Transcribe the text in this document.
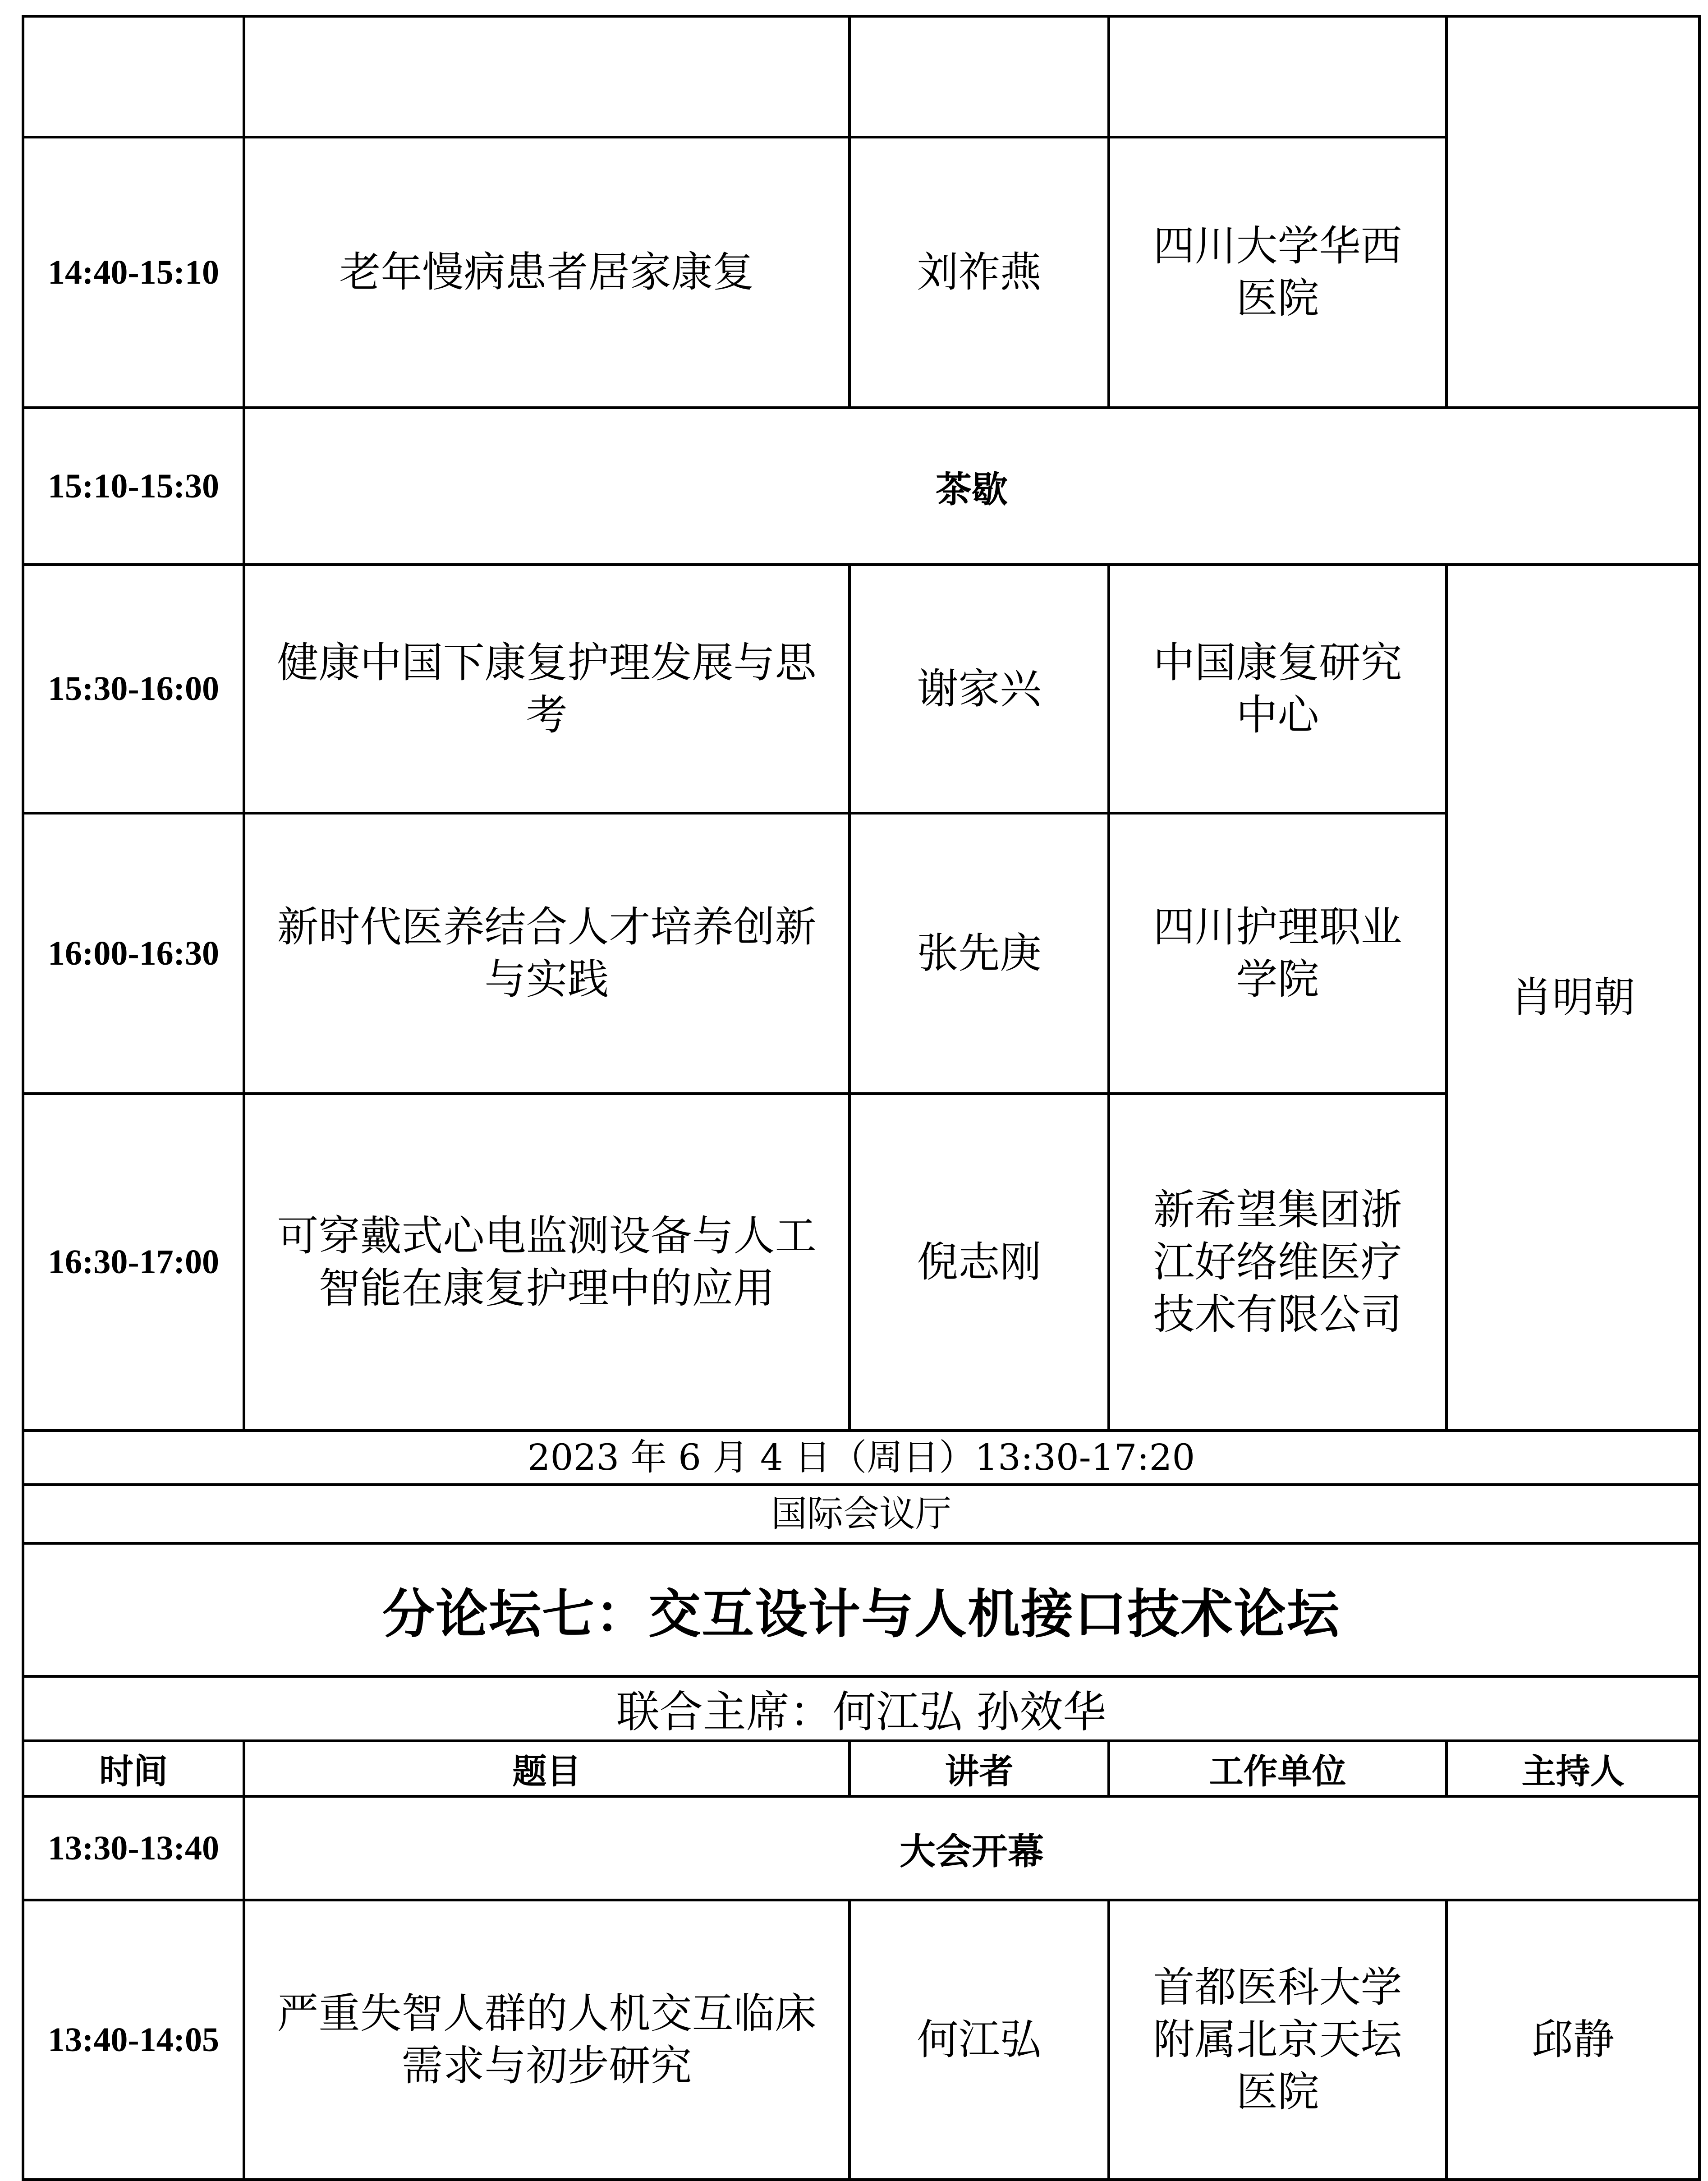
14:40-15:10	老年慢病患者居家康复	刘祚燕	四川大学华西医院	
15:10-15:30	茶歇			
15:30-16:00	健康中国下康复护理发展与思考	谢家兴	中国康复研究中心	肖明朝
16:00-16:30	新时代医养结合人才培养创新与实践	张先庚	四川护理职业学院	
16:30-17:00	可穿戴式心电监测设备与人工智能在康复护理中的应用	倪志刚	新希望集团浙江好络维医疗技术有限公司	
2023 年 6 月 4 日（周日）13:30-17:20				
国际会议厅				
分论坛七：交互设计与人机接口技术论坛				
联合主席：何江弘 孙效华				
时间	题目	讲者	工作单位	主持人
13:30-13:40	大会开幕			
13:40-14:05	严重失智人群的人机交互临床需求与初步研究	何江弘	首都医科大学附属北京天坛医院	邱静
